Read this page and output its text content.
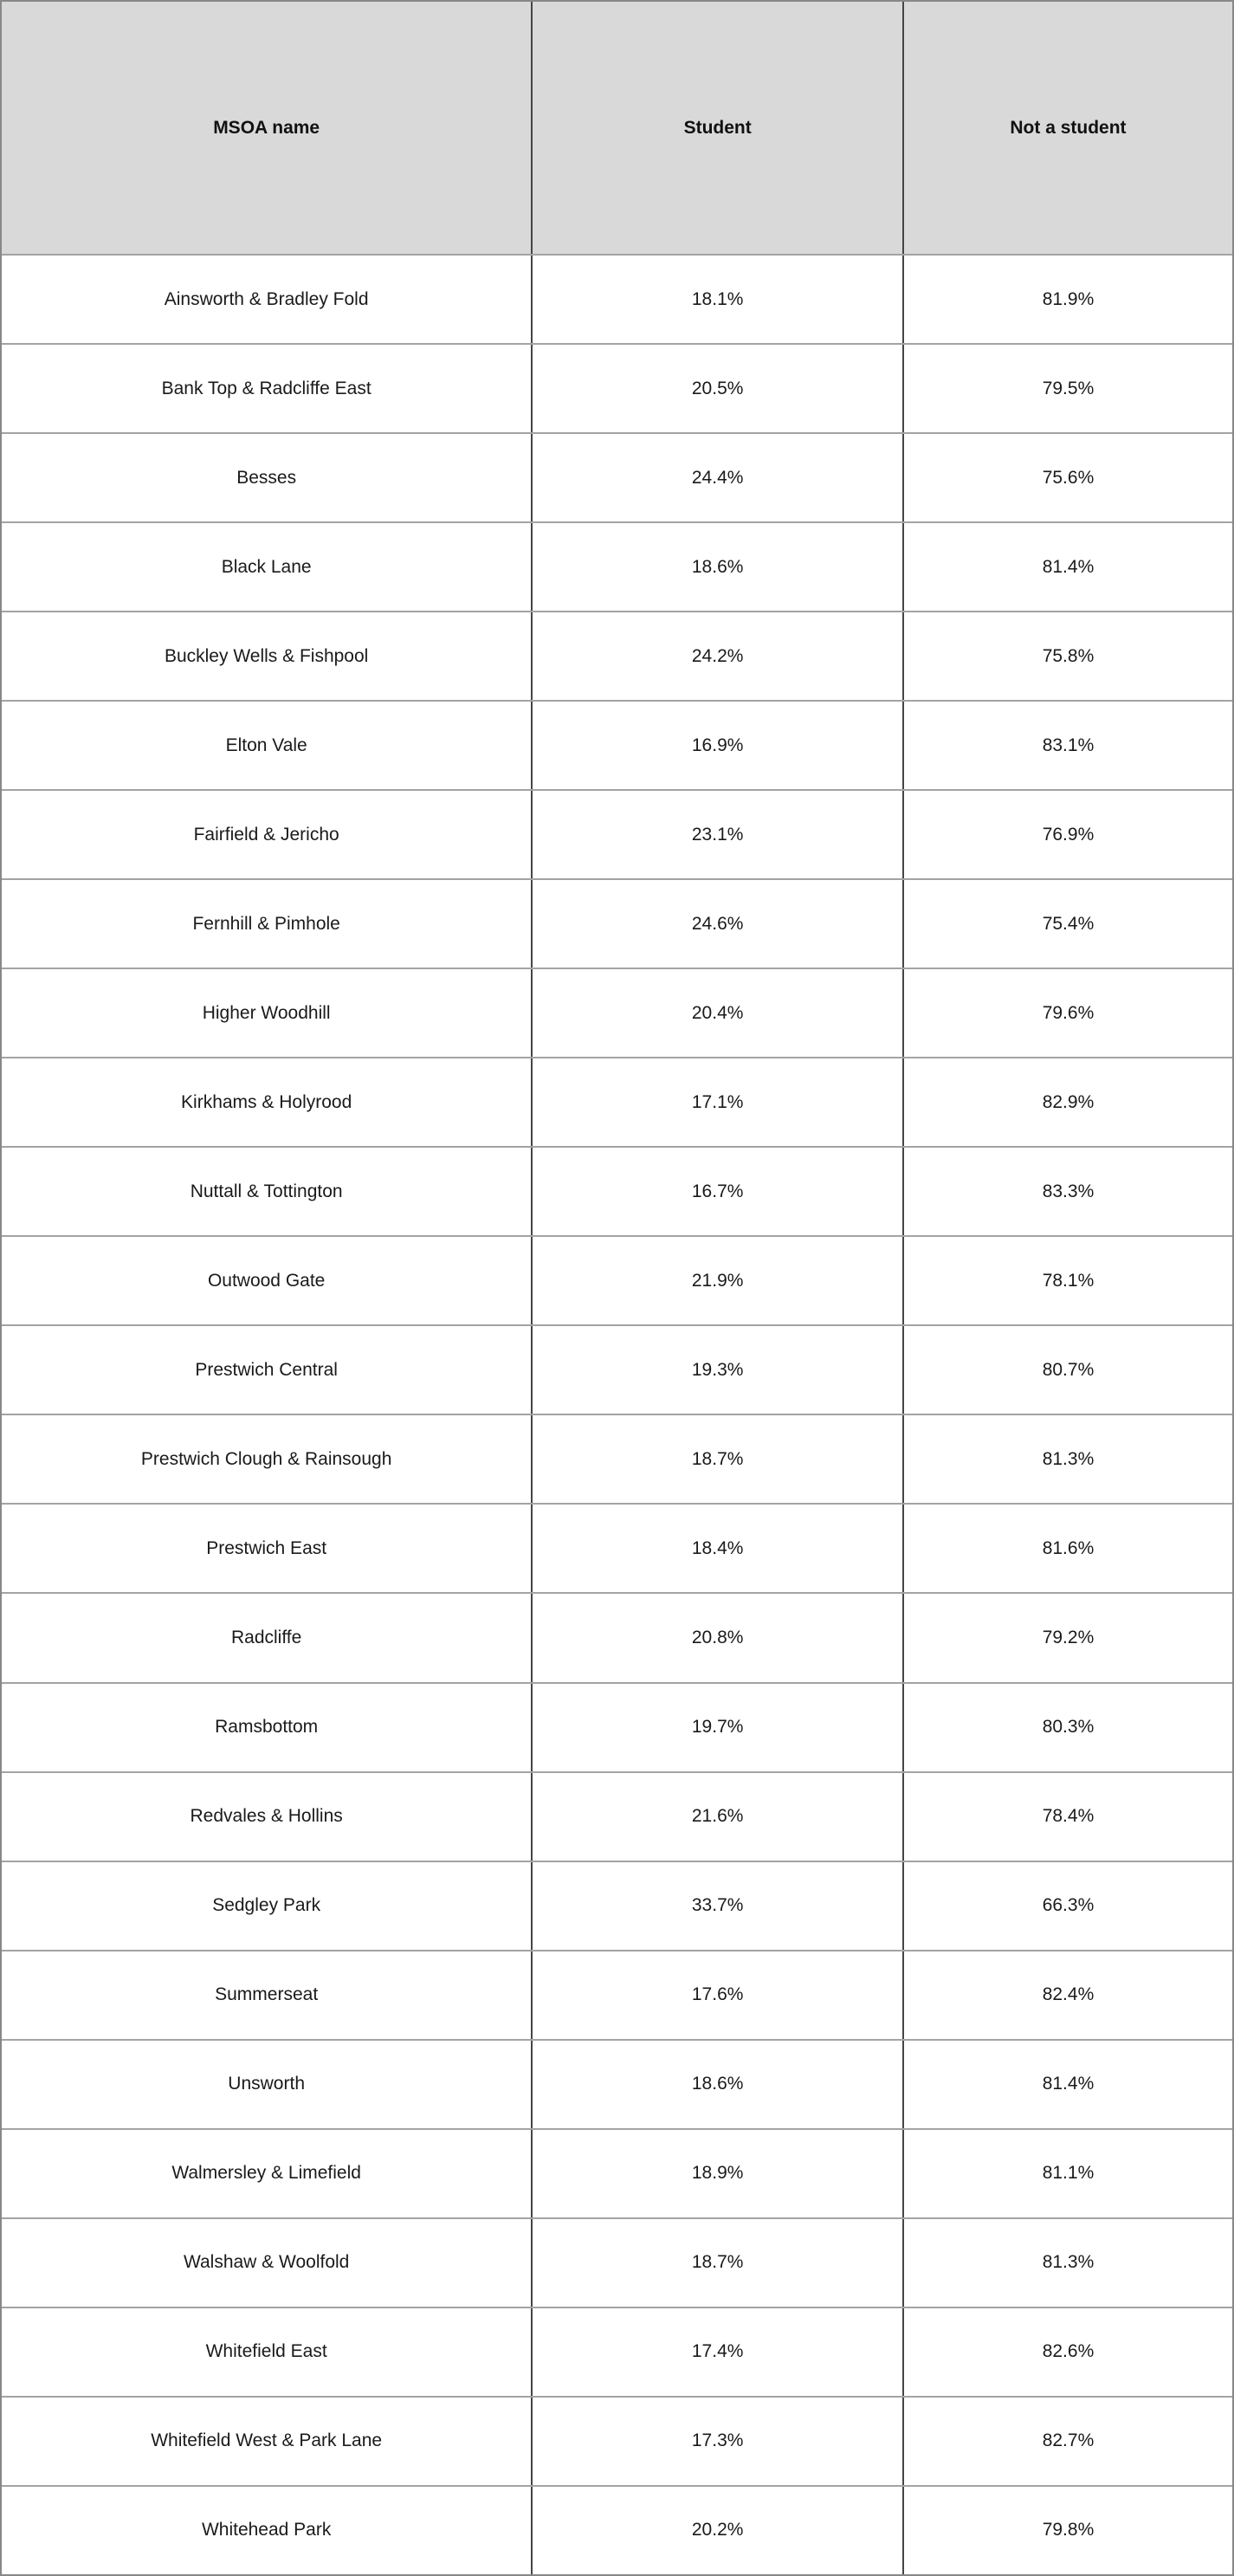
MSOA name	Student	Not a student
Ainsworth & Bradley Fold	18.1%	81.9%
Bank Top & Radcliffe East	20.5%	79.5%
Besses	24.4%	75.6%
Black Lane	18.6%	81.4%
Buckley Wells & Fishpool	24.2%	75.8%
Elton Vale	16.9%	83.1%
Fairfield & Jericho	23.1%	76.9%
Fernhill & Pimhole	24.6%	75.4%
Higher Woodhill	20.4%	79.6%
Kirkhams & Holyrood	17.1%	82.9%
Nuttall & Tottington	16.7%	83.3%
Outwood Gate	21.9%	78.1%
Prestwich Central	19.3%	80.7%
Prestwich Clough & Rainsough	18.7%	81.3%
Prestwich East	18.4%	81.6%
Radcliffe	20.8%	79.2%
Ramsbottom	19.7%	80.3%
Redvales & Hollins	21.6%	78.4%
Sedgley Park	33.7%	66.3%
Summerseat	17.6%	82.4%
Unsworth	18.6%	81.4%
Walmersley & Limefield	18.9%	81.1%
Walshaw & Woolfold	18.7%	81.3%
Whitefield East	17.4%	82.6%
Whitefield West & Park Lane	17.3%	82.7%
Whitehead Park	20.2%	79.8%
